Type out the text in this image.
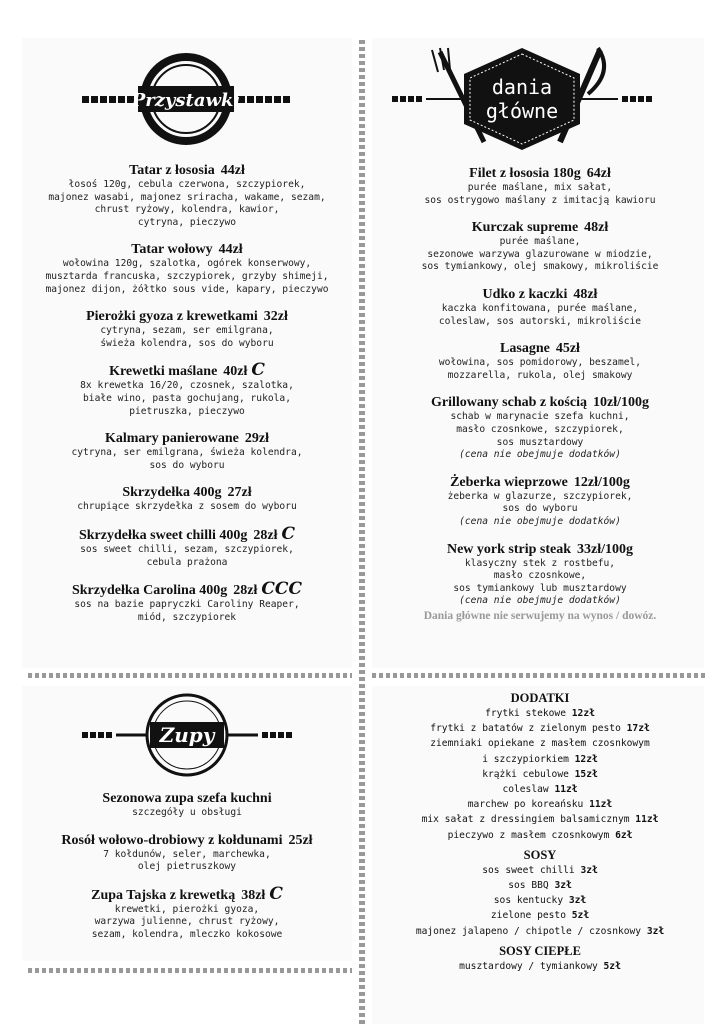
Przystawki
dania
główne
Zupy
Tatar z łososia 44zł
łosoś 120g, cebula czerwona, szczypiorek,
majonez wasabi, majonez sriracha, wakame, sezam,
chrust ryżowy, kolendra, kawior,
cytryna, pieczywo
Tatar wołowy 44zł
wołowina 120g, szalotka, ogórek konserwowy,
musztarda francuska, szczypiorek, grzyby shimeji,
majonez dijon, żółtko sous vide, kapary, pieczywo
Pierożki gyoza z krewetkami 32zł
cytryna, sezam, ser emilgrana,
świeża kolendra, sos do wyboru
Krewetki maślane 40zł C
8x krewetka 16/20, czosnek, szalotka,
białe wino, pasta gochujang, rukola,
pietruszka, pieczywo
Kalmary panierowane 29zł
cytryna, ser emilgrana, świeża kolendra,
sos do wyboru
Skrzydełka 400g 27zł
chrupiące skrzydełka z sosem do wyboru
Skrzydełka sweet chilli 400g 28zł C
sos sweet chilli, sezam, szczypiorek,
cebula prażona
Skrzydełka Carolina 400g 28zł CCC
sos na bazie papryczki Caroliny Reaper,
miód, szczypiorek
Filet z łososia 180g 64zł
purée maślane, mix sałat,
sos ostrygowo maślany z imitacją kawioru
Kurczak supreme 48zł
purée maślane,
sezonowe warzywa glazurowane w miodzie,
sos tymiankowy, olej smakowy, mikroliście
Udko z kaczki 48zł
kaczka konfitowana, purée maślane,
coleslaw, sos autorski, mikroliście
Lasagne 45zł
wołowina, sos pomidorowy, beszamel,
mozzarella, rukola, olej smakowy
Grillowany schab z kością 10zł/100g
schab w marynacie szefa kuchni,
masło czosnkowe, szczypiorek,
sos musztardowy
(cena nie obejmuje dodatków)
Żeberka wieprzowe 12zł/100g
żeberka w glazurze, szczypiorek,
sos do wyboru
(cena nie obejmuje dodatków)
New york strip steak 33zł/100g
klasyczny stek z rostbefu,
masło czosnkowe,
sos tymiankowy lub musztardowy
(cena nie obejmuje dodatków)
Dania główne nie serwujemy na wynos / dowóz.
Sezonowa zupa szefa kuchni
szczegóły u obsługi
Rosół wołowo-drobiowy z kołdunami 25zł
7 kołdunów, seler, marchewka,
olej pietruszkowy
Zupa Tajska z krewetką 38zł C
krewetki, pierożki gyoza,
warzywa julienne, chrust ryżowy,
sezam, kolendra, mleczko kokosowe
DODATKI
frytki stekowe 12zł
frytki z batatów z zielonym pesto 17zł
ziemniaki opiekane z masłem czosnkowym
i szczypiorkiem 12zł
krążki cebulowe 15zł
coleslaw 11zł
marchew po koreańsku 11zł
mix sałat z dressingiem balsamicznym 11zł
pieczywo z masłem czosnkowym 6zł
SOSY
sos sweet chilli 3zł
sos BBQ 3zł
sos kentucky 3zł
zielone pesto 5zł
majonez jalapeno / chipotle / czosnkowy 3zł
SOSY CIEPŁE
musztardowy / tymiankowy 5zł
